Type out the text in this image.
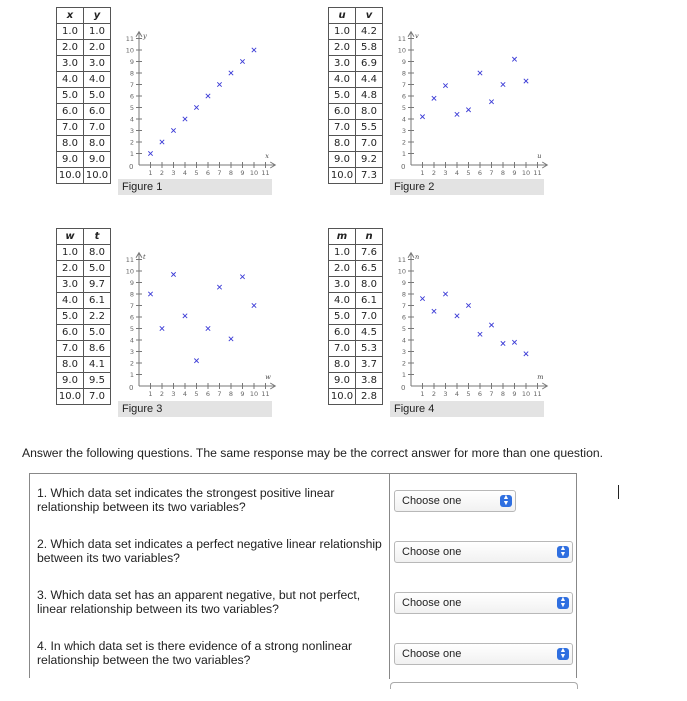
x	y
1.0	1.0
2.0	2.0
3.0	3.0
4.0	4.0
5.0	5.0
6.0	6.0
7.0	7.0
8.0	8.0
9.0	9.0
10.0	10.0
1
2
3
4
5
6
7
8
9
10
11
1 2 3 4 5 6 7 8 9 10 11
0
y
x
Figure 1
u	v
1.0	4.2
2.0	5.8
3.0	6.9
4.0	4.4
5.0	4.8
6.0	8.0
7.0	5.5
8.0	7.0
9.0	9.2
10.0	7.3
1
2
3
4
5
6
7
8
9
10
11
1 2 3 4 5 6 7 8 9 10 11
0
v
u
Figure 2
w	t
1.0	8.0
2.0	5.0
3.0	9.7
4.0	6.1
5.0	2.2
6.0	5.0
7.0	8.6
8.0	4.1
9.0	9.5
10.0	7.0
1
2
3
4
5
6
7
8
9
10
11
1 2 3 4 5 6 7 8 9 10 11
0
t
w
Figure 3
m	n
1.0	7.6
2.0	6.5
3.0	8.0
4.0	6.1
5.0	7.0
6.0	4.5
7.0	5.3
8.0	3.7
9.0	3.8
10.0	2.8
1
2
3
4
5
6
7
8
9
10
11
1 2 3 4 5 6 7 8 9 10 11
0
n
m
Figure 4
Answer the following questions. The same response may be the correct answer for more than one question.
1. Which data set indicates the strongest positive linear relationship between its two variables?	Choose one	▲
▼
2. Which data set indicates a perfect negative linear relationship between its two variables?	Choose one	▲
▼
3. Which data set has an apparent negative, but not perfect, linear relationship between its two variables?	Choose one	▲
▼
4. In which data set is there evidence of a strong nonlinear relationship between the two variables?	Choose one	▲
▼
